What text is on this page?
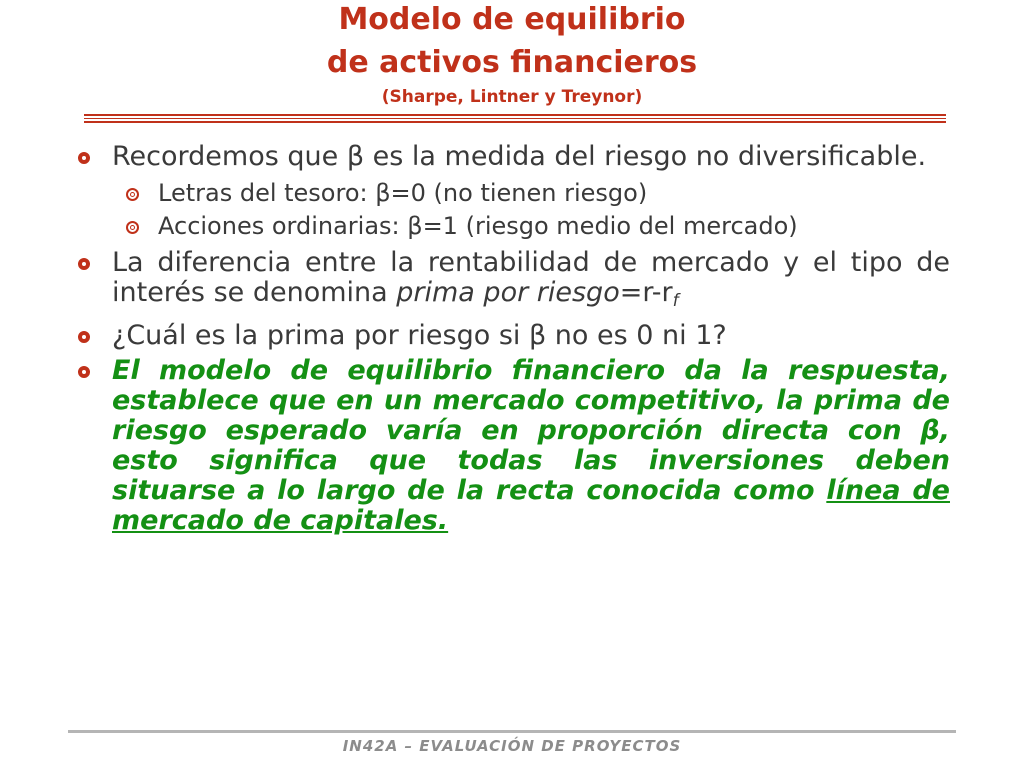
Modelo de equilibrio
de activos financieros
(Sharpe, Lintner y Treynor)
Recordemos que β es la medida del riesgo no diversificable.
Letras del tesoro: β=0 (no tienen riesgo)
Acciones ordinarias: β=1 (riesgo medio del mercado)
La diferencia entre la rentabilidad de mercado y el tipo de interés se denomina prima por $riesgo=r-r_f$
¿Cuál es la prima por riesgo si β no es 0 ni 1?
El modelo de equilibrio financiero da la respuesta, establece que en un mercado competitivo, la prima de riesgo esperado varía en proporción directa con β, esto significa que todas las inversiones deben situarse a lo largo de la recta conocida como línea de mercado de capitales.
IN42A – EVALUACIÓN DE PROYECTOS
